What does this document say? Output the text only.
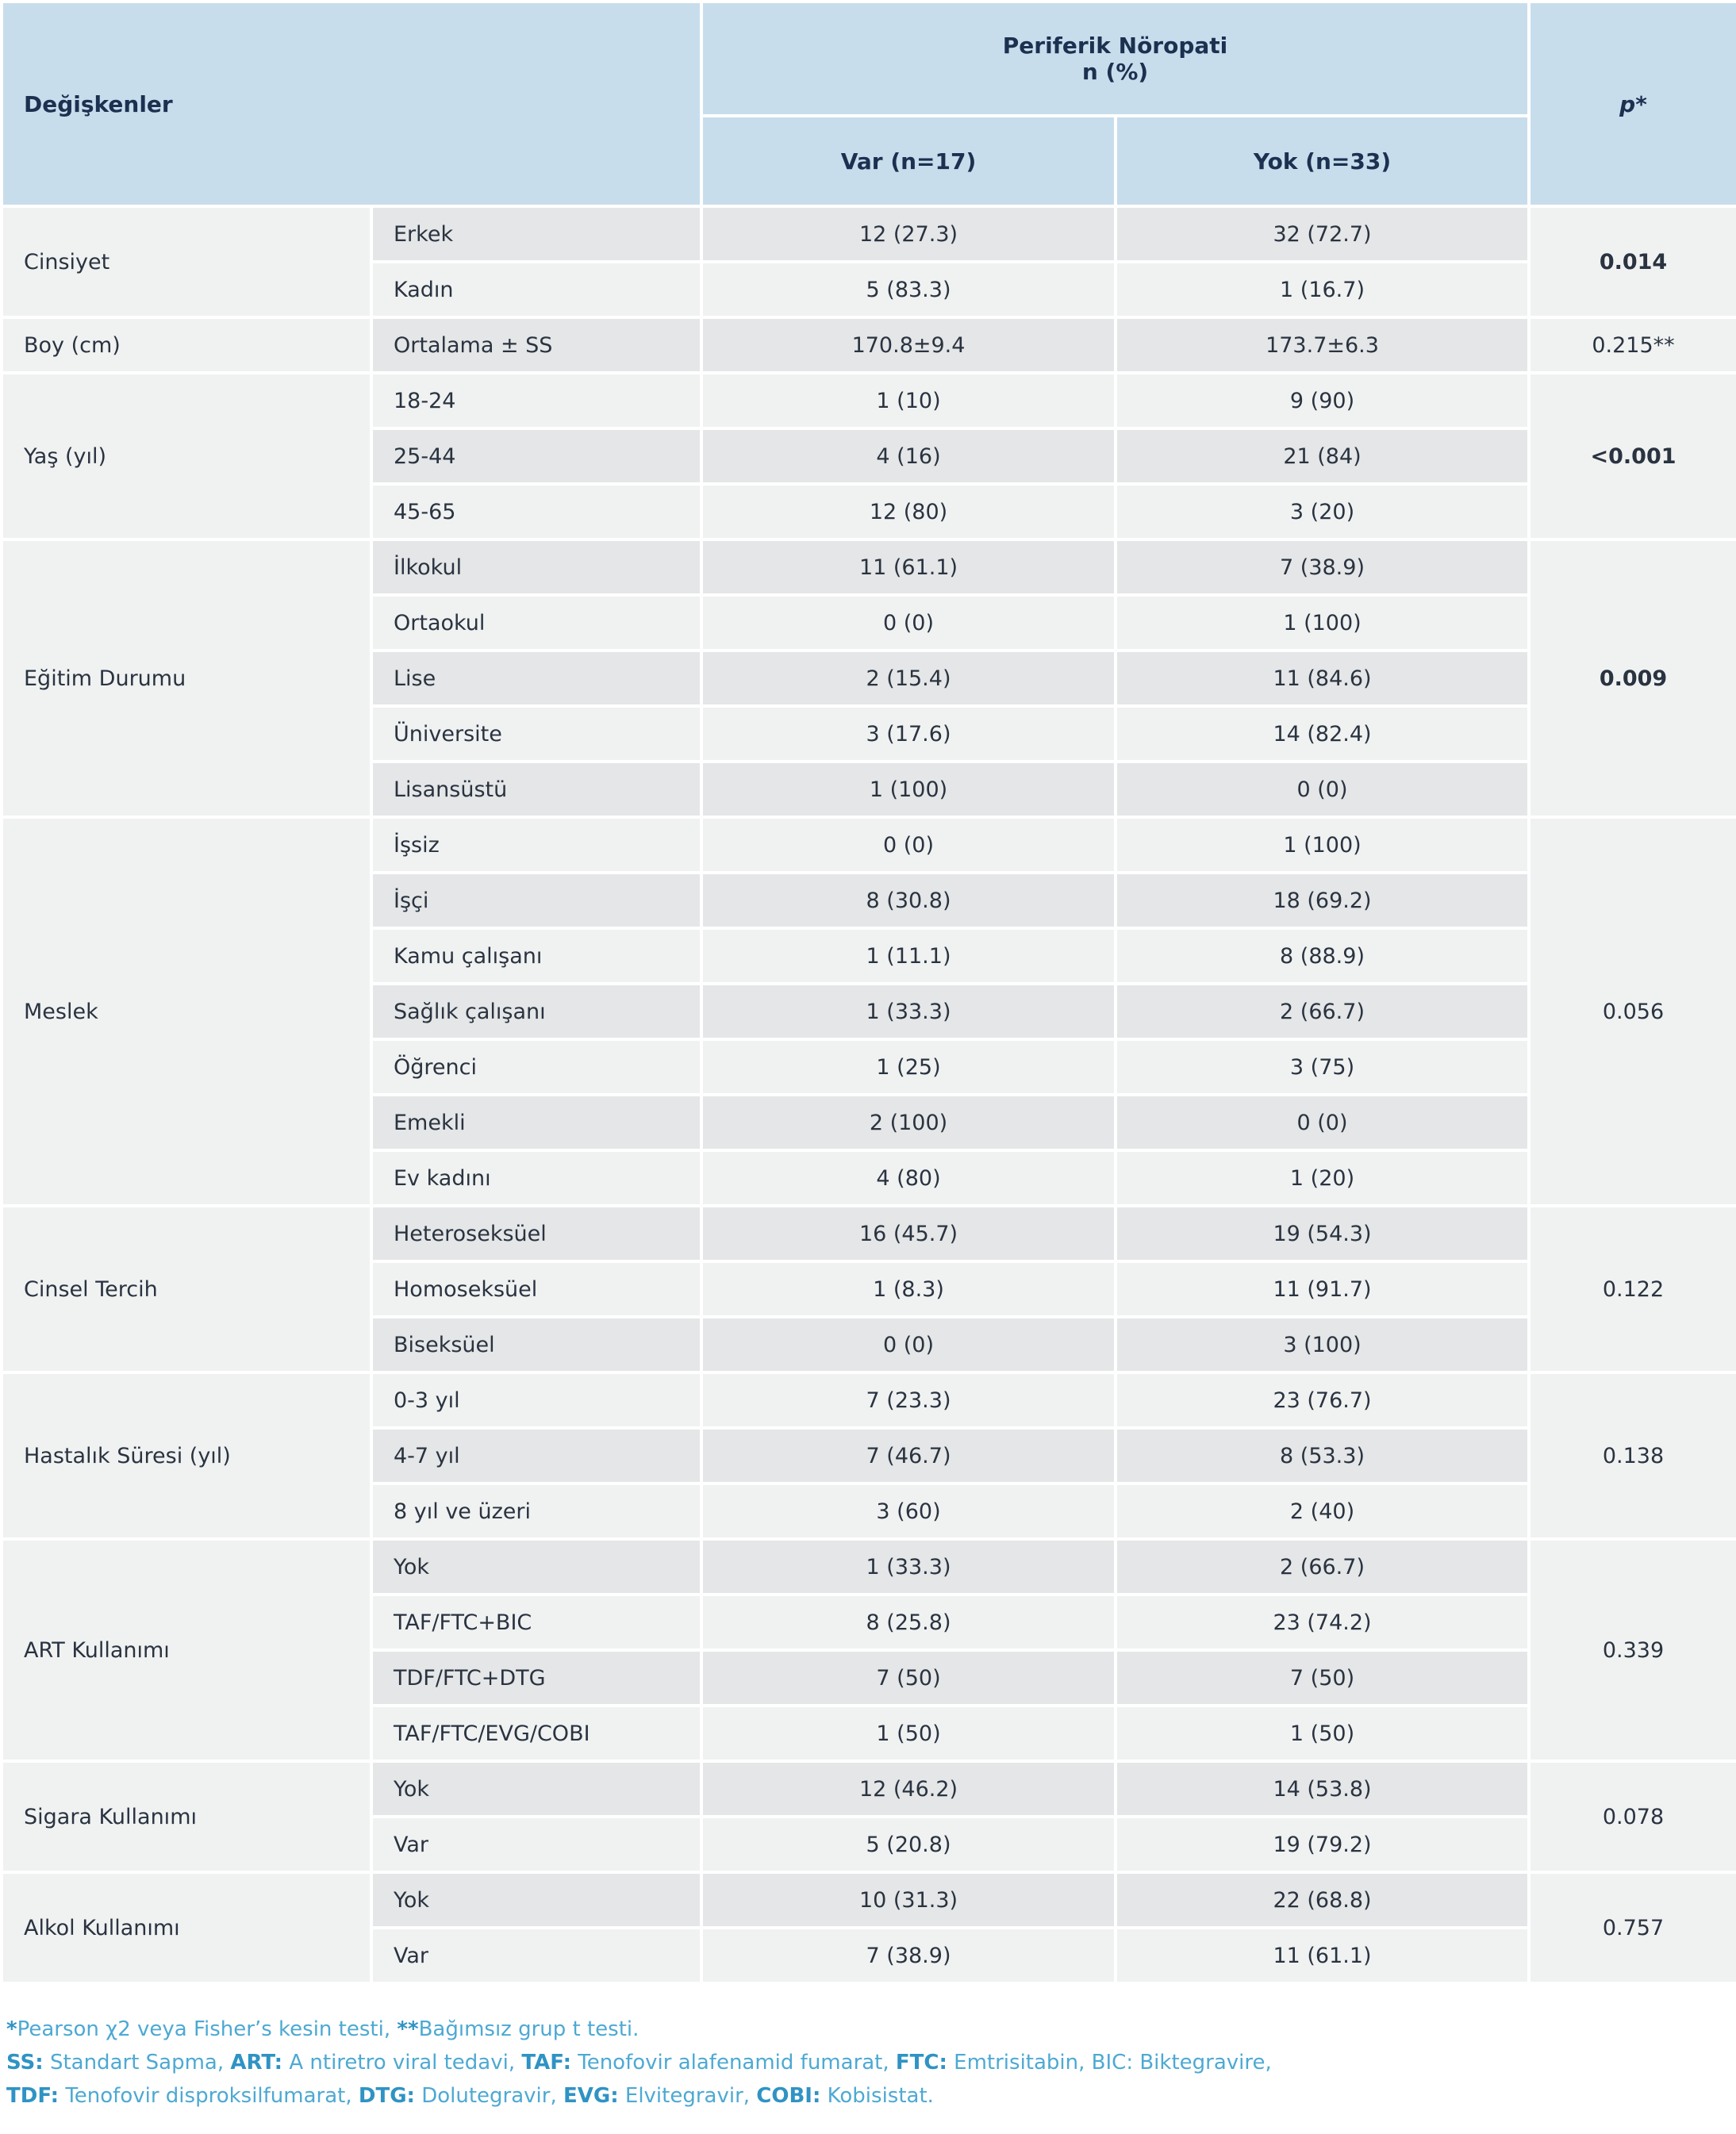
Değişkenler		Periferik Nöropati
n (%)		p*
		Var (n=17)	Yok (n=33)	
Cinsiyet	Erkek	12 (27.3)	32 (72.7)	0.014
	Kadın	5 (83.3)	1 (16.7)	
Boy (cm)	Ortalama ± SS	170.8±9.4	173.7±6.3	0.215**
Yaş (yıl)	18-24	1 (10)	9 (90)	<0.001
	25-44	4 (16)	21 (84)	
	45-65	12 (80)	3 (20)	
Eğitim Durumu	İlkokul	11 (61.1)	7 (38.9)	0.009
	Ortaokul	0 (0)	1 (100)	
	Lise	2 (15.4)	11 (84.6)	
	Üniversite	3 (17.6)	14 (82.4)	
	Lisansüstü	1 (100)	0 (0)	
Meslek	İşsiz	0 (0)	1 (100)	0.056
	İşçi	8 (30.8)	18 (69.2)	
	Kamu çalışanı	1 (11.1)	8 (88.9)	
	Sağlık çalışanı	1 (33.3)	2 (66.7)	
	Öğrenci	1 (25)	3 (75)	
	Emekli	2 (100)	0 (0)	
	Ev kadını	4 (80)	1 (20)	
Cinsel Tercih	Heteroseksüel	16 (45.7)	19 (54.3)	0.122
	Homoseksüel	1 (8.3)	11 (91.7)	
	Biseksüel	0 (0)	3 (100)	
Hastalık Süresi (yıl)	0-3 yıl	7 (23.3)	23 (76.7)	0.138
	4-7 yıl	7 (46.7)	8 (53.3)	
	8 yıl ve üzeri	3 (60)	2 (40)	
ART Kullanımı	Yok	1 (33.3)	2 (66.7)	0.339
	TAF/FTC+BIC	8 (25.8)	23 (74.2)	
	TDF/FTC+DTG	7 (50)	7 (50)	
	TAF/FTC/EVG/COBI	1 (50)	1 (50)	
Sigara Kullanımı	Yok	12 (46.2)	14 (53.8)	0.078
	Var	5 (20.8)	19 (79.2)	
Alkol Kullanımı	Yok	10 (31.3)	22 (68.8)	0.757
	Var	7 (38.9)	11 (61.1)	
*Pearson χ2 veya Fisher’s kesin testi, **Bağımsız grup t testi.
SS: Standart Sapma, ART: A ntiretro viral tedavi, TAF: Tenofovir alafenamid fumarat, FTC: Emtrisitabin, BIC: Biktegravire,
TDF: Tenofovir disproksilfumarat, DTG: Dolutegravir, EVG: Elvitegravir, COBI: Kobisistat.
